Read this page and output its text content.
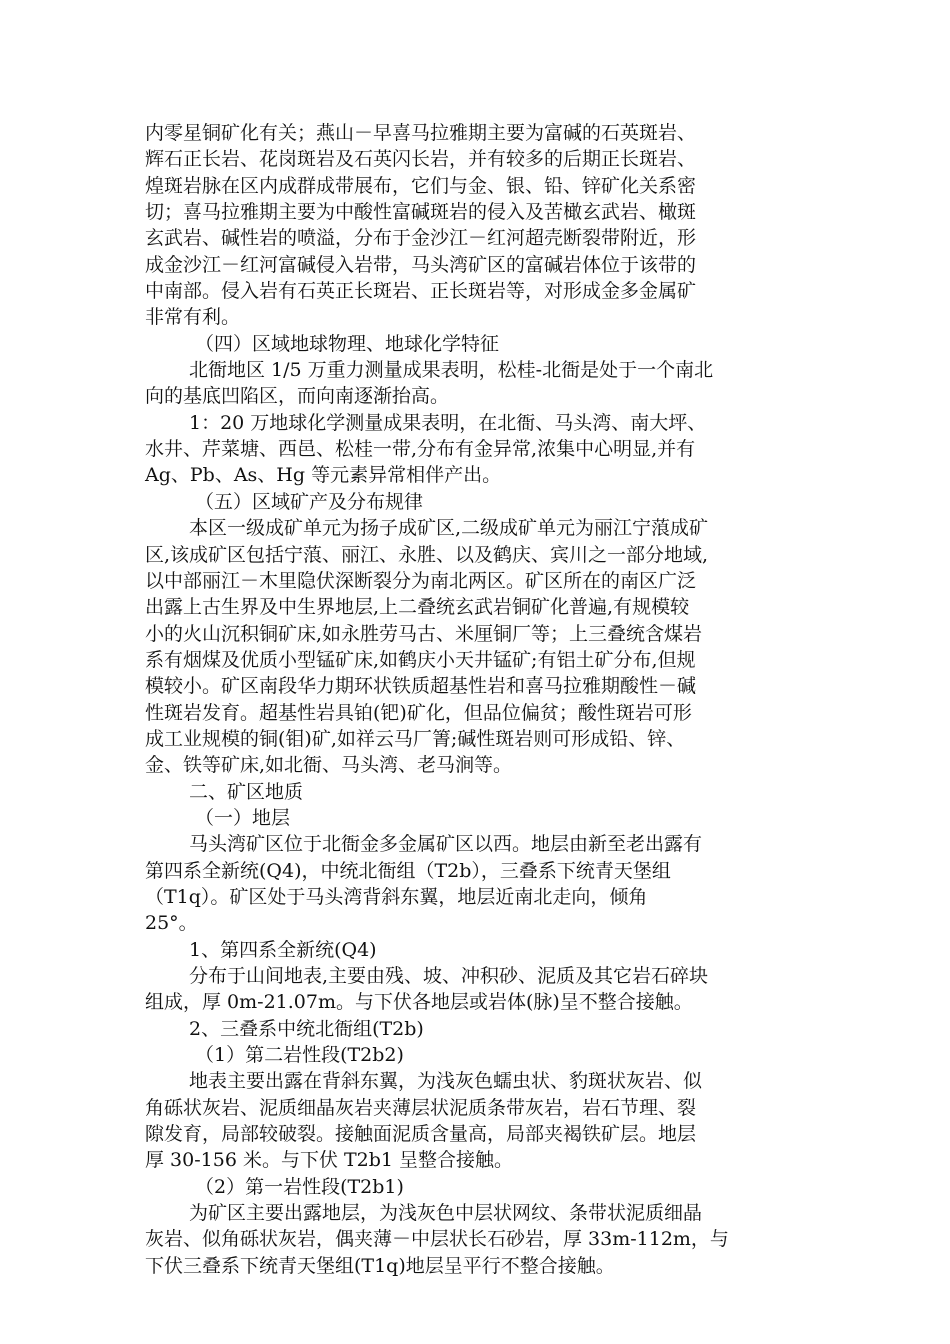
内零星铜矿化有关；燕山－早喜马拉雅期主要为富碱的石英斑岩、
辉石正长岩、花岗斑岩及石英闪长岩，并有较多的后期正长斑岩、
煌斑岩脉在区内成群成带展布，它们与金、银、铅、锌矿化关系密
切；喜马拉雅期主要为中酸性富碱斑岩的侵入及苦橄玄武岩、橄斑
玄武岩、碱性岩的喷溢，分布于金沙江－红河超壳断裂带附近，形
成金沙江－红河富碱侵入岩带，马头湾矿区的富碱岩体位于该带的
中南部。侵入岩有石英正长斑岩、正长斑岩等，对形成金多金属矿
非常有利。
（四）区域地球物理、地球化学特征
北衙地区 1/5 万重力测量成果表明，松桂-北衙是处于一个南北
向的基底凹陷区，而向南逐渐抬高。
1：20 万地球化学测量成果表明，在北衙、马头湾、南大坪、
水井、芹菜塘、西邑、松桂一带,分布有金异常,浓集中心明显,并有
Ag、Pb、As、Hg 等元素异常相伴产出。
（五）区域矿产及分布规律
本区一级成矿单元为扬子成矿区,二级成矿单元为丽江宁蒗成矿
区,该成矿区包括宁蒗、丽江、永胜、以及鹤庆、宾川之一部分地域,
以中部丽江－木里隐伏深断裂分为南北两区。矿区所在的南区广泛
出露上古生界及中生界地层,上二叠统玄武岩铜矿化普遍,有规模较
小的火山沉积铜矿床,如永胜劳马古、米厘铜厂等；上三叠统含煤岩
系有烟煤及优质小型锰矿床,如鹤庆小天井锰矿;有铝土矿分布,但规
模较小。矿区南段华力期环状铁质超基性岩和喜马拉雅期酸性－碱
性斑岩发育。超基性岩具铂(钯)矿化，但品位偏贫；酸性斑岩可形
成工业规模的铜(钼)矿,如祥云马厂箐;碱性斑岩则可形成铅、锌、
金、铁等矿床,如北衙、马头湾、老马涧等。
二、矿区地质
（一）地层
马头湾矿区位于北衙金多金属矿区以西。地层由新至老出露有
第四系全新统(Q4)，中统北衙组（T2b），三叠系下统青天堡组
（T1q）。矿区处于马头湾背斜东翼，地层近南北走向，倾角
25°。
1、第四系全新统(Q4)
分布于山间地表,主要由残、坡、冲积砂、泥质及其它岩石碎块
组成，厚 0m-21.07m。与下伏各地层或岩体(脉)呈不整合接触。
2、三叠系中统北衙组(T2b)
（1）第二岩性段(T2b2)
地表主要出露在背斜东翼，为浅灰色蠕虫状、豹斑状灰岩、似
角砾状灰岩、泥质细晶灰岩夹薄层状泥质条带灰岩，岩石节理、裂
隙发育，局部较破裂。接触面泥质含量高，局部夹褐铁矿层。地层
厚 30-156 米。与下伏 T2b1 呈整合接触。
（2）第一岩性段(T2b1)
为矿区主要出露地层，为浅灰色中层状网纹、条带状泥质细晶
灰岩、似角砾状灰岩，偶夹薄－中层状长石砂岩，厚 33m-112m，与
下伏三叠系下统青天堡组(T1q)地层呈平行不整合接触。
